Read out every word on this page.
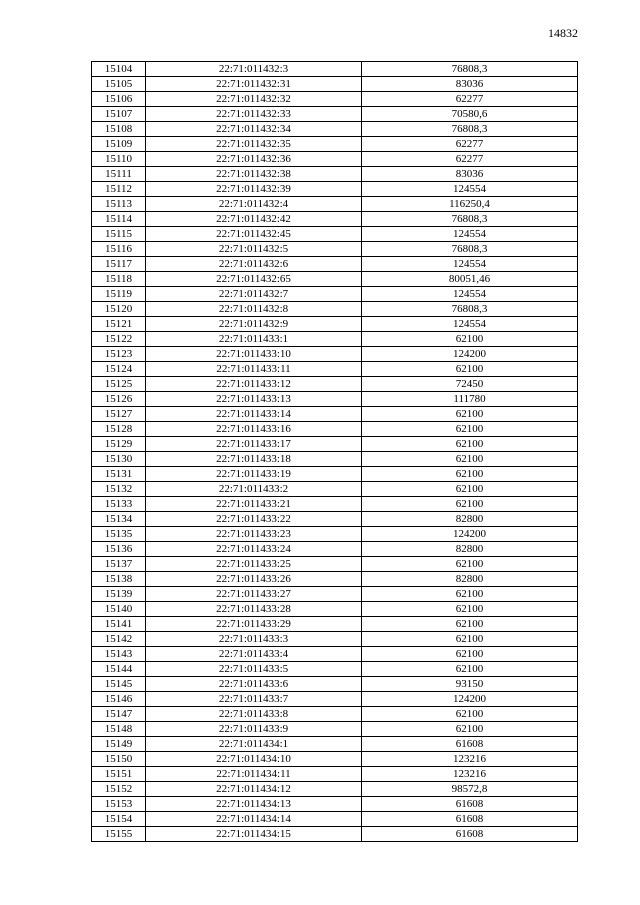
14832
15104	22:71:011432:3	76808,3
15105	22:71:011432:31	83036
15106	22:71:011432:32	62277
15107	22:71:011432:33	70580,6
15108	22:71:011432:34	76808,3
15109	22:71:011432:35	62277
15110	22:71:011432:36	62277
15111	22:71:011432:38	83036
15112	22:71:011432:39	124554
15113	22:71:011432:4	116250,4
15114	22:71:011432:42	76808,3
15115	22:71:011432:45	124554
15116	22:71:011432:5	76808,3
15117	22:71:011432:6	124554
15118	22:71:011432:65	80051,46
15119	22:71:011432:7	124554
15120	22:71:011432:8	76808,3
15121	22:71:011432:9	124554
15122	22:71:011433:1	62100
15123	22:71:011433:10	124200
15124	22:71:011433:11	62100
15125	22:71:011433:12	72450
15126	22:71:011433:13	111780
15127	22:71:011433:14	62100
15128	22:71:011433:16	62100
15129	22:71:011433:17	62100
15130	22:71:011433:18	62100
15131	22:71:011433:19	62100
15132	22:71:011433:2	62100
15133	22:71:011433:21	62100
15134	22:71:011433:22	82800
15135	22:71:011433:23	124200
15136	22:71:011433:24	82800
15137	22:71:011433:25	62100
15138	22:71:011433:26	82800
15139	22:71:011433:27	62100
15140	22:71:011433:28	62100
15141	22:71:011433:29	62100
15142	22:71:011433:3	62100
15143	22:71:011433:4	62100
15144	22:71:011433:5	62100
15145	22:71:011433:6	93150
15146	22:71:011433:7	124200
15147	22:71:011433:8	62100
15148	22:71:011433:9	62100
15149	22:71:011434:1	61608
15150	22:71:011434:10	123216
15151	22:71:011434:11	123216
15152	22:71:011434:12	98572,8
15153	22:71:011434:13	61608
15154	22:71:011434:14	61608
15155	22:71:011434:15	61608
